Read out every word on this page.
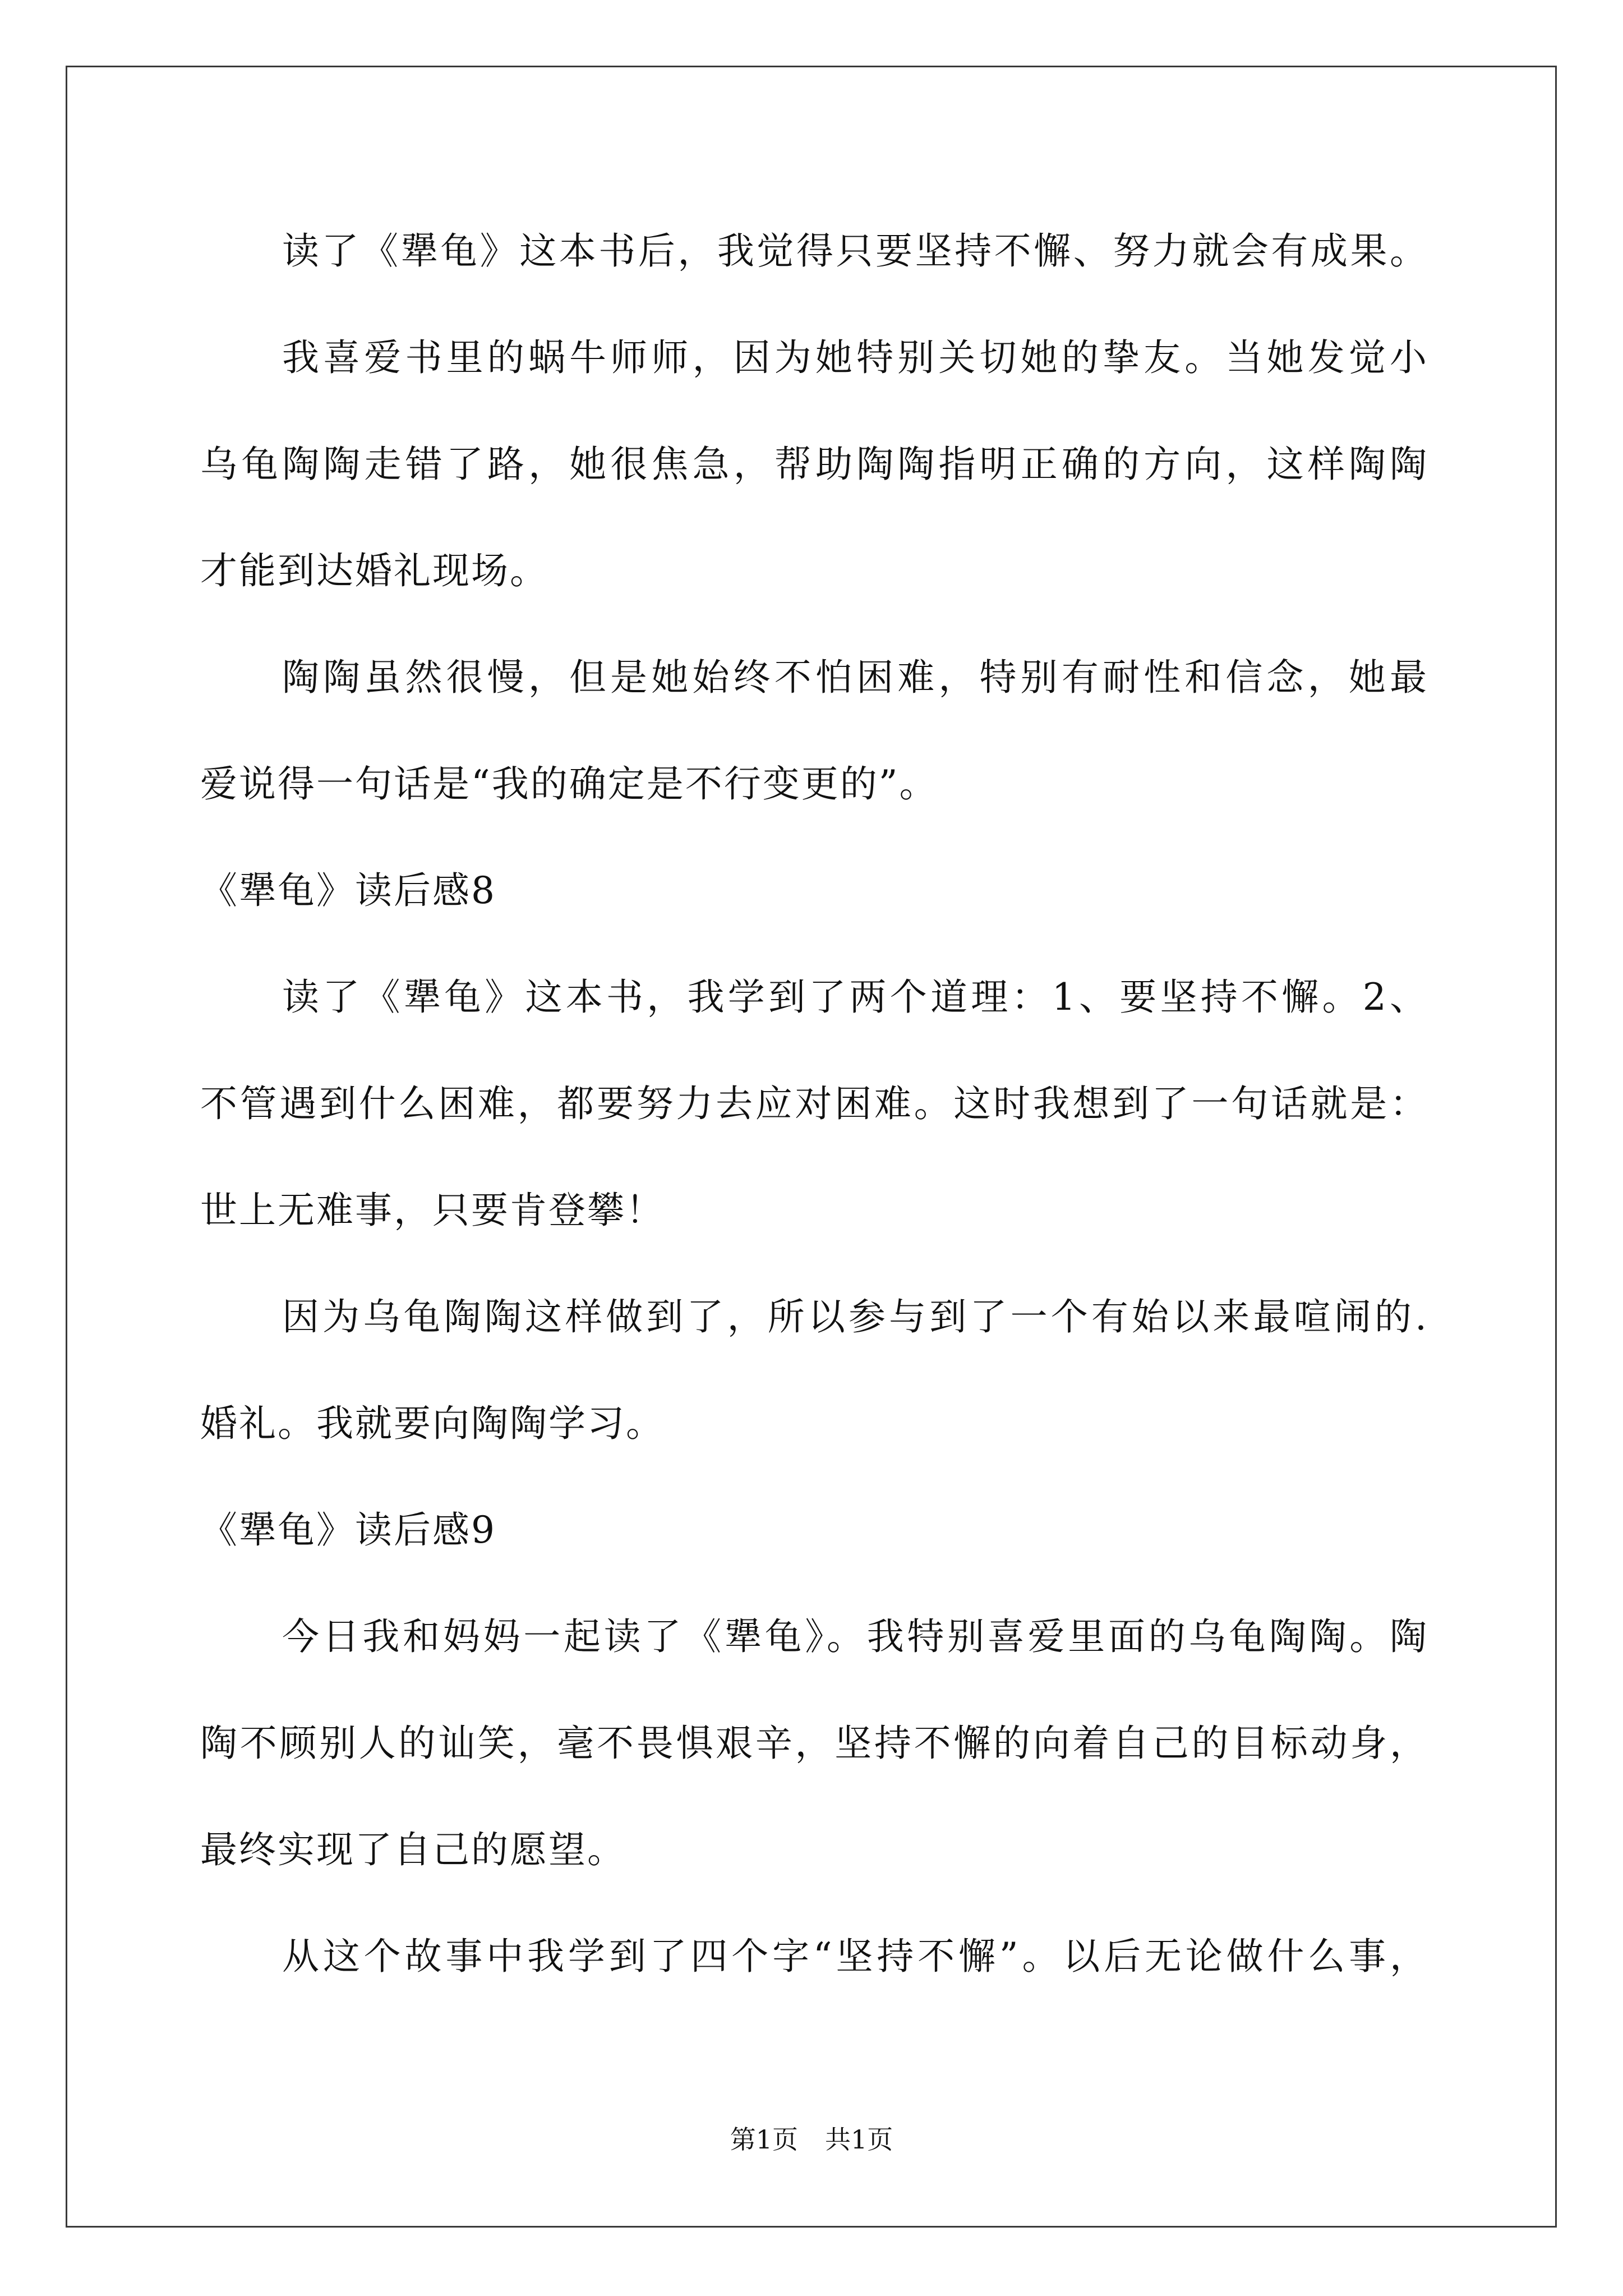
读了《犟龟》这本书后，我觉得只要坚持不懈、努力就会有成果。
我喜爱书里的蜗牛师师，因为她特别关切她的挚友。当她发觉小
乌龟陶陶走错了路，她很焦急，帮助陶陶指明正确的方向，这样陶陶
才能到达婚礼现场。
陶陶虽然很慢，但是她始终不怕困难，特别有耐性和信念，她最
爱说得一句话是“我的确定是不行变更的”。
《犟龟》读后感8
读了《犟龟》这本书，我学到了两个道理：1、要坚持不懈。2、
不管遇到什么困难，都要努力去应对困难。这时我想到了一句话就是：
世上无难事，只要肯登攀！
因为乌龟陶陶这样做到了，所以参与到了一个有始以来最喧闹的.
婚礼。我就要向陶陶学习。
《犟龟》读后感9
今日我和妈妈一起读了《犟龟》。我特别喜爱里面的乌龟陶陶。陶
陶不顾别人的讪笑，毫不畏惧艰辛，坚持不懈的向着自己的目标动身，
最终实现了自己的愿望。
从这个故事中我学到了四个字“坚持不懈”。以后无论做什么事，
第1页 共1页
